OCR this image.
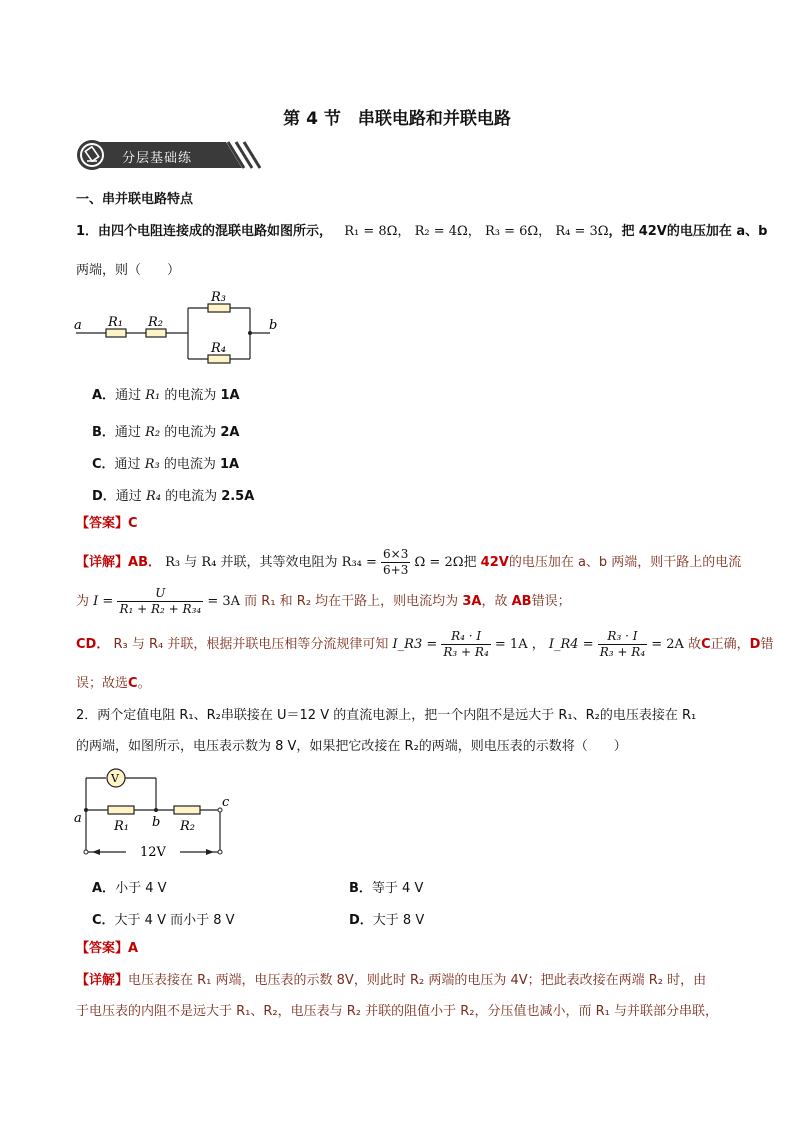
第 4 节　串联电路和并联电路
分层基础练
一、串并联电路特点
1．由四个电阻连接成的混联电路如图所示， R₁ = 8Ω， R₂ = 4Ω， R₃ = 6Ω， R₄ = 3Ω，把 42V的电压加在 a、b
两端，则（　　）
a R₁ R₂
R₃
R₄
b
A．通过 R₁ 的电流为 1A
B．通过 R₂ 的电流为 2A
C．通过 R₃ 的电流为 1A
D．通过 R₄ 的电流为 2.5A
【答案】C
【详解】AB． R₃ 与 R₄ 并联，其等效电阻为 $R_{34} = \frac{6\times 3}{6+3}$ Ω = 2Ω把 42V的电压加在 a、b 两端，则干路上的电流
为 $I = \frac{U}{\text{R₁ + R₂ + R₃₄}} = 3A$ 而 R₁ 和 R₂ 均在干路上，则电流均为 3A，故 AB错误；
CD． R₃ 与 R₄ 并联，根据并联电压相等分流规律可知 I_R3 = $\frac{\text{R₄ · I}}{\text{R₃ + R₄}} = 1A$ ， I_R4 = $\frac{\text{R₃ · I}}{\text{R₃ + R₄}} = 2A$ 故C正确，D错
误；故选C。
2．两个定值电阻 R₁、R₂串联接在 U＝12 V 的直流电源上，把一个内阻不是远大于 R₁、R₂的电压表接在 R₁
的两端，如图所示，电压表示数为 8 V，如果把它改接在 R₂的两端，则电压表的示数将（　　）
V
a	b
c
R₁	R₂
12V
A．小于 4 V	B．等于 4 V
C．大于 4 V 而小于 8 V	D．大于 8 V
【答案】A
【详解】电压表接在 R₁ 两端，电压表的示数 8V，则此时 R₂ 两端的电压为 4V；把此表改接在两端 R₂ 时，由
于电压表的内阻不是远大于 R₁、R₂，电压表与 R₂ 并联的阻值小于 R₂，分压值也减小，而 R₁ 与并联部分串联，
